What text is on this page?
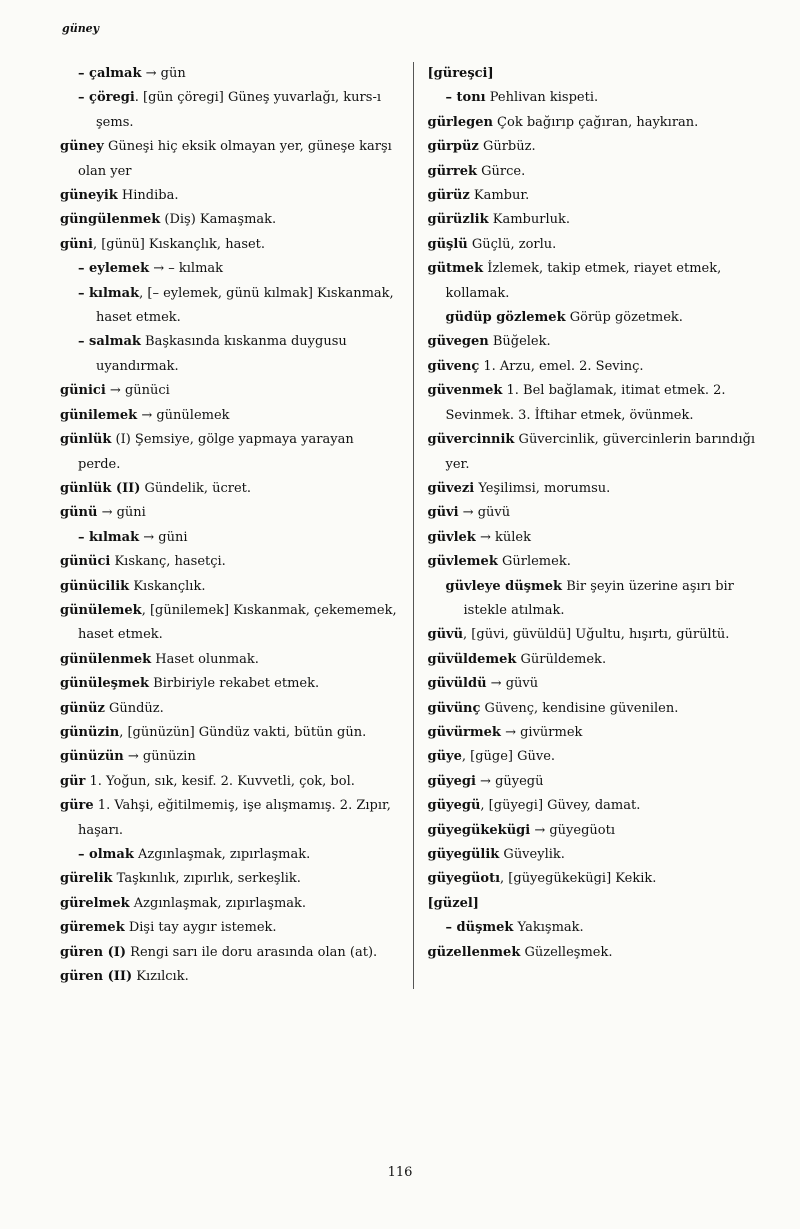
güney

– çalmak → gün

– çöregi. [gün çöregi] Güneş yuvarlağı, kurs-ı şems.

güney Güneşi hiç eksik olmayan yer, güneşe karşı olan yer

güneyik Hindiba.

güngülenmek (Diş) Kamaşmak.

güni, [günü] Kıskançlık, haset.

– eylemek → – kılmak

– kılmak, [– eylemek, günü kılmak] Kıskanmak, haset etmek.

– salmak Başkasında kıskanma duygusu uyandırmak.

günici → günüci

günilemek → günülemek

günlük (I) Şemsiye, gölge yapmaya yarayan perde.

günlük (II) Gündelik, ücret.

günü → güni

– kılmak → güni

günüci Kıskanç, hasetçi.

günücilik Kıskançlık.

günülemek, [günilemek] Kıskanmak, çekememek, haset etmek.

günülenmek Haset olunmak.

günüleşmek Birbiriyle rekabet etmek.

günüz Gündüz.

günüzin, [günüzün] Gündüz vakti, bütün gün.

günüzün → günüzin

gür 1. Yoğun, sık, kesif. 2. Kuvvetli, çok, bol.

güre 1. Vahşi, eğitilmemiş, işe alışmamış. 2. Zıpır, haşarı.

– olmak Azgınlaşmak, zıpırlaşmak.

gürelik Taşkınlık, zıpırlık, serkeşlik.

gürelmek Azgınlaşmak, zıpırlaşmak.

güremek Dişi tay aygır istemek.

güren (I) Rengi sarı ile doru arasında olan (at).

güren (II) Kızılcık.

[güreşci]

– tonı Pehlivan kispeti.

gürlegen Çok bağırıp çağıran, haykıran.

gürpüz Gürbüz.

gürrek Gürce.

gürüz Kambur.

gürüzlik Kamburluk.

güşlü Güçlü, zorlu.

gütmek İzlemek, takip etmek, riayet etmek, kollamak.

güdüp gözlemek Görüp gözetmek.

güvegen Büğelek.

güvenç 1. Arzu, emel. 2. Sevinç.

güvenmek 1. Bel bağlamak, itimat etmek. 2. Sevinmek. 3. İftihar etmek, övünmek.

güvercinnik Güvercinlik, güvercinlerin barındığı yer.

güvezi Yeşilimsi, morumsu.

güvi → güvü

güvlek → külek

güvlemek Gürlemek.

güvleye düşmek Bir şeyin üzerine aşırı bir istekle atılmak.

güvü, [güvi, güvüldü] Uğultu, hışırtı, gürültü.

güvüldemek Gürüldemek.

güvüldü → güvü

güvünç Güvenç, kendisine güvenilen.

güvürmek → givürmek

güye, [güge] Güve.

güyegi → güyegü

güyegü, [güyegi] Güvey, damat.

güyegükekügi → güyegüotı

güyegülik Güveylik.

güyegüotı, [güyegükekügi] Kekik.

[güzel]

– düşmek Yakışmak.

güzellenmek Güzelleşmek.

116
